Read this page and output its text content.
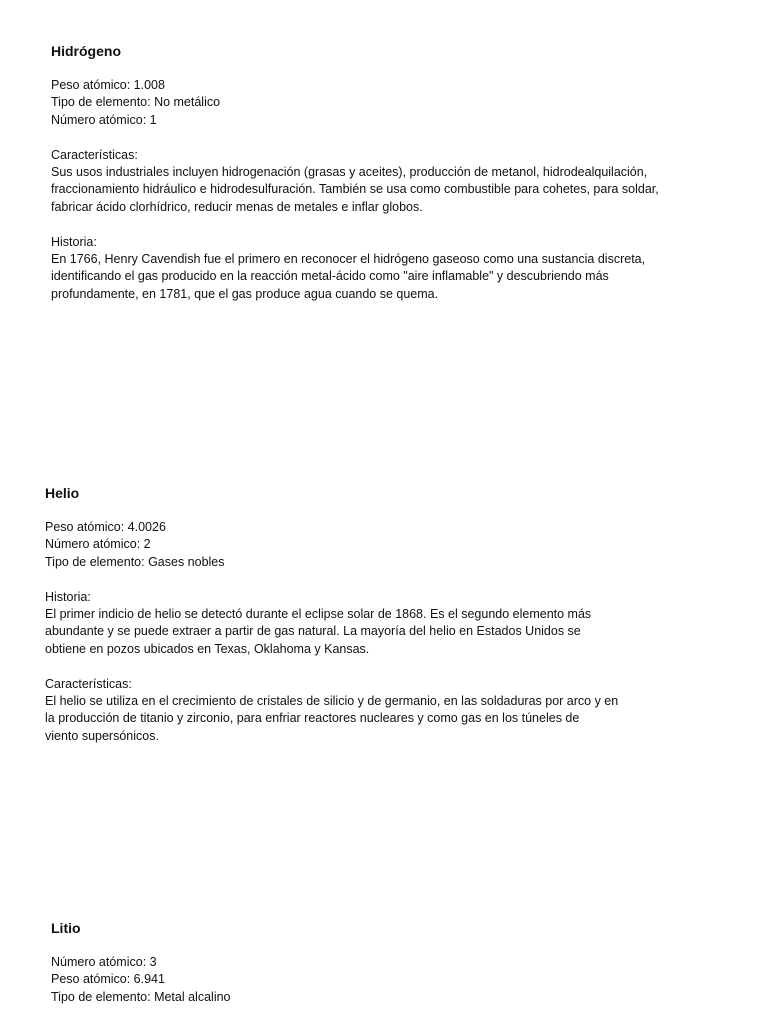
Hidrógeno
Peso atómico: 1.008
Tipo de elemento: No metálico
Número atómico: 1
Características:
Sus usos industriales incluyen hidrogenación (grasas y aceites), producción de metanol, hidrodealquilación,
fraccionamiento hidráulico e hidrodesulfuración. También se usa como combustible para cohetes, para soldar,
fabricar ácido clorhídrico, reducir menas de metales e inflar globos.
Historia:
En 1766, Henry Cavendish fue el primero en reconocer el hidrógeno gaseoso como una sustancia discreta,
identificando el gas producido en la reacción metal-ácido como "aire inflamable" y descubriendo más
profundamente, en 1781, que el gas produce agua cuando se quema.
Helio
Peso atómico: 4.0026
Número atómico: 2
Tipo de elemento: Gases nobles
Historia:
El primer indicio de helio se detectó durante el eclipse solar de 1868. Es el segundo elemento más
abundante y se puede extraer a partir de gas natural. La mayoría del helio en Estados Unidos se
obtiene en pozos ubicados en Texas, Oklahoma y Kansas.
Características:
El helio se utiliza en el crecimiento de cristales de silicio y de germanio, en las soldaduras por arco y en
la producción de titanio y zirconio, para enfriar reactores nucleares y como gas en los túneles de
viento supersónicos.
Litio
Número atómico: 3
Peso atómico: 6.941
Tipo de elemento: Metal alcalino
